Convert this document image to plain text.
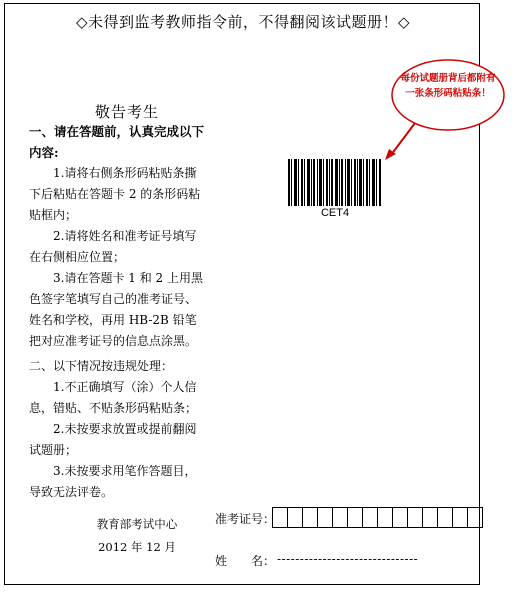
◇未得到监考教师指令前，不得翻阅该试题册！◇
敬告考生

一、请在答题前，认真完成以下内容:

1.请将右侧条形码粘贴条撕下后粘贴在答题卡 2 的条形码粘贴框内；

2.请将姓名和准考证号填写在右侧相应位置；

3.请在答题卡 1 和 2 上用黑色签字笔填写自己的准考证号、姓名和学校，再用 HB-2B 铅笔把对应准考证号的信息点涂黑。

二、以下情况按违规处理：

1.不正确填写（涂）个人信息，错贴、不贴条形码粘贴条；

2.未按要求放置或提前翻阅试题册；

3.未按要求用笔作答题目，导致无法评卷。

教育部考试中心
2012 年 12 月
每份试题册背后都附有一张条形码粘贴条！
CET4
准考证号：
姓　　名： -------------------------------
